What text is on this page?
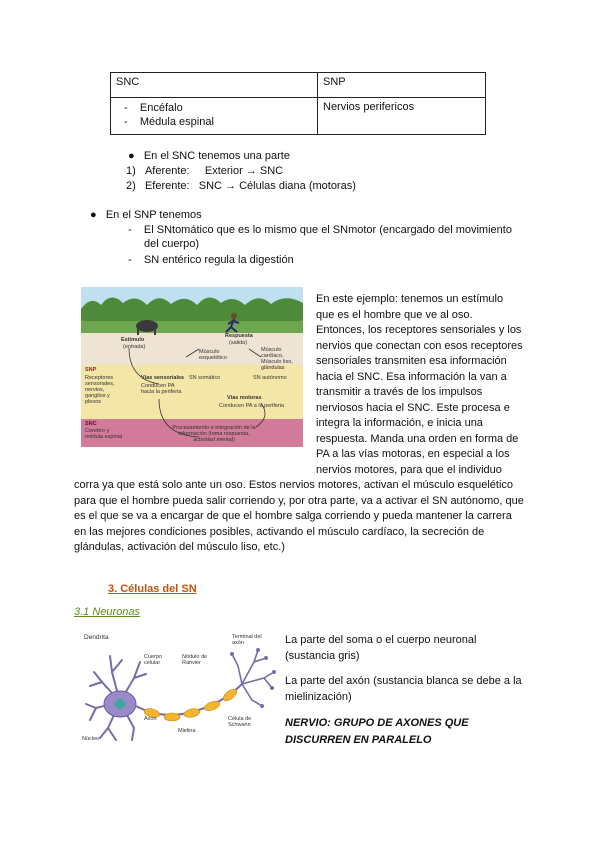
SNC	SNP

-    Encéfalo
-    Médula espinal	Nervios perifericos
●   En el SNC tenemos una parte
1) Aferente: Exterior → SNC
2) Eferente: SNC → Células diana (motoras)
●   En el SNP tenemos
-    El SNtomático que es lo mismo que el SNmotor (encargado del movimiento
del cuerpo)
-    SN entérico regula la digestión
Estímulo
(entrada)
Respuesta
(salida)
Músculo esquelético
Músculo cardíaco, Músculo liso, glándulas
SNP
Receptores sensoriales, nervios, ganglios y plexos
Vías sensoriales
Conducen PA hacia la periferia
SN somático	SN autónomo
Vías motoras
Conducen PA a la periferia
SNC
Cerebro y médula espinal
Procesamiento e integración de la información (toma respuesta, actividad mental)
En este ejemplo: tenemos un estímulo
que es el hombre que ve al oso.
Entonces, los receptores sensoriales y los
nervios que conectan con esos receptores
sensoriales transmiten esa información
hacia el SNC. Esa información la van a
transmitir a través de los impulsos
nerviosos hacia el SNC. Este procesa e
integra la información, e inicia una
respuesta. Manda una orden en forma de
PA a las vías motoras, en especial a los
nervios motores, para que el individuo
corra ya que está solo ante un oso. Estos nervios motores, activan el músculo esquelético
para que el hombre pueda salir corriendo y, por otra parte, va a activar el SN autónomo, que
es el que se va a encargar de que el hombre salga corriendo y pueda mantener la carrera
en las mejores condiciones posibles, activando el músculo cardíaco, la secreción de
glándulas, activación del músculo liso, etc.)
3. Células del SN
3.1 Neuronas
Dendrita
Cuerpo celular
Nódulo de Ranvier
Terminal del axón
Axón
Mielina
Célula de Schwann
Núcleo
La parte del soma o el cuerpo neuronal
(sustancia gris)
La parte del axón (sustancia blanca se debe a la
mielinización)
NERVIO: GRUPO DE AXONES QUE
DISCURREN EN PARALELO
